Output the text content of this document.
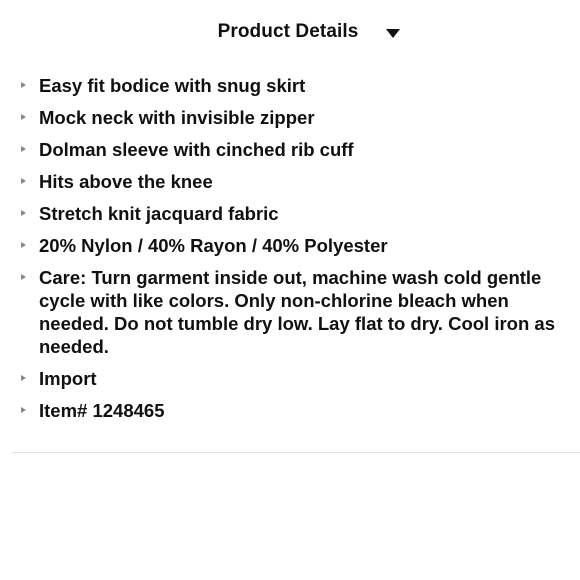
Product Details
Easy fit bodice with snug skirt
Mock neck with invisible zipper
Dolman sleeve with cinched rib cuff
Hits above the knee
Stretch knit jacquard fabric
20% Nylon / 40% Rayon / 40% Polyester
Care: Turn garment inside out, machine wash cold gentle cycle with like colors. Only non-chlorine bleach when needed. Do not tumble dry low. Lay flat to dry. Cool iron as needed.
Import
Item# 1248465
